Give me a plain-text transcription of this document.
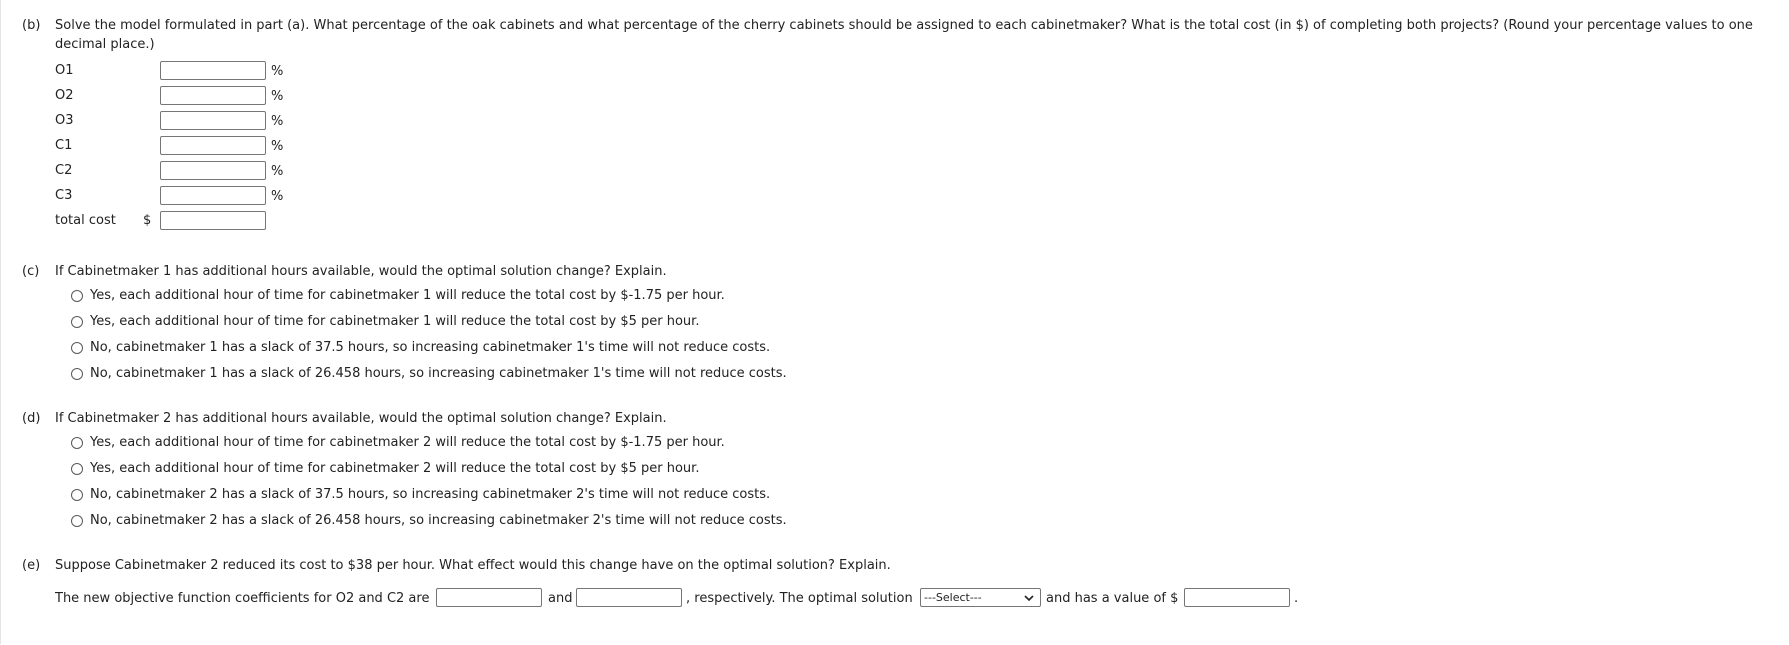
(b) Solve the model formulated in part (a). What percentage of the oak cabinets and what percentage of the cherry cabinets should be assigned to each cabinetmaker? What is the total cost (in $) of completing both projects? (Round your percentage values to one
decimal place.)
O1	%
O2	%
O3	%
C1	%
C2	%
C3	%
total cost $
(c) If Cabinetmaker 1 has additional hours available, would the optimal solution change? Explain.
Yes, each additional hour of time for cabinetmaker 1 will reduce the total cost by $-1.75 per hour.
Yes, each additional hour of time for cabinetmaker 1 will reduce the total cost by $5 per hour.
No, cabinetmaker 1 has a slack of 37.5 hours, so increasing cabinetmaker 1's time will not reduce costs.
No, cabinetmaker 1 has a slack of 26.458 hours, so increasing cabinetmaker 1's time will not reduce costs.
(d) If Cabinetmaker 2 has additional hours available, would the optimal solution change? Explain.
Yes, each additional hour of time for cabinetmaker 2 will reduce the total cost by $-1.75 per hour.
Yes, each additional hour of time for cabinetmaker 2 will reduce the total cost by $5 per hour.
No, cabinetmaker 2 has a slack of 37.5 hours, so increasing cabinetmaker 2's time will not reduce costs.
No, cabinetmaker 2 has a slack of 26.458 hours, so increasing cabinetmaker 2's time will not reduce costs.
(e) Suppose Cabinetmaker 2 reduced its cost to $38 per hour. What effect would this change have on the optimal solution? Explain.
The new objective function coefficients for O2 and C2 are	and	, respectively. The optimal solution ---Select---	and has a value of $	.
